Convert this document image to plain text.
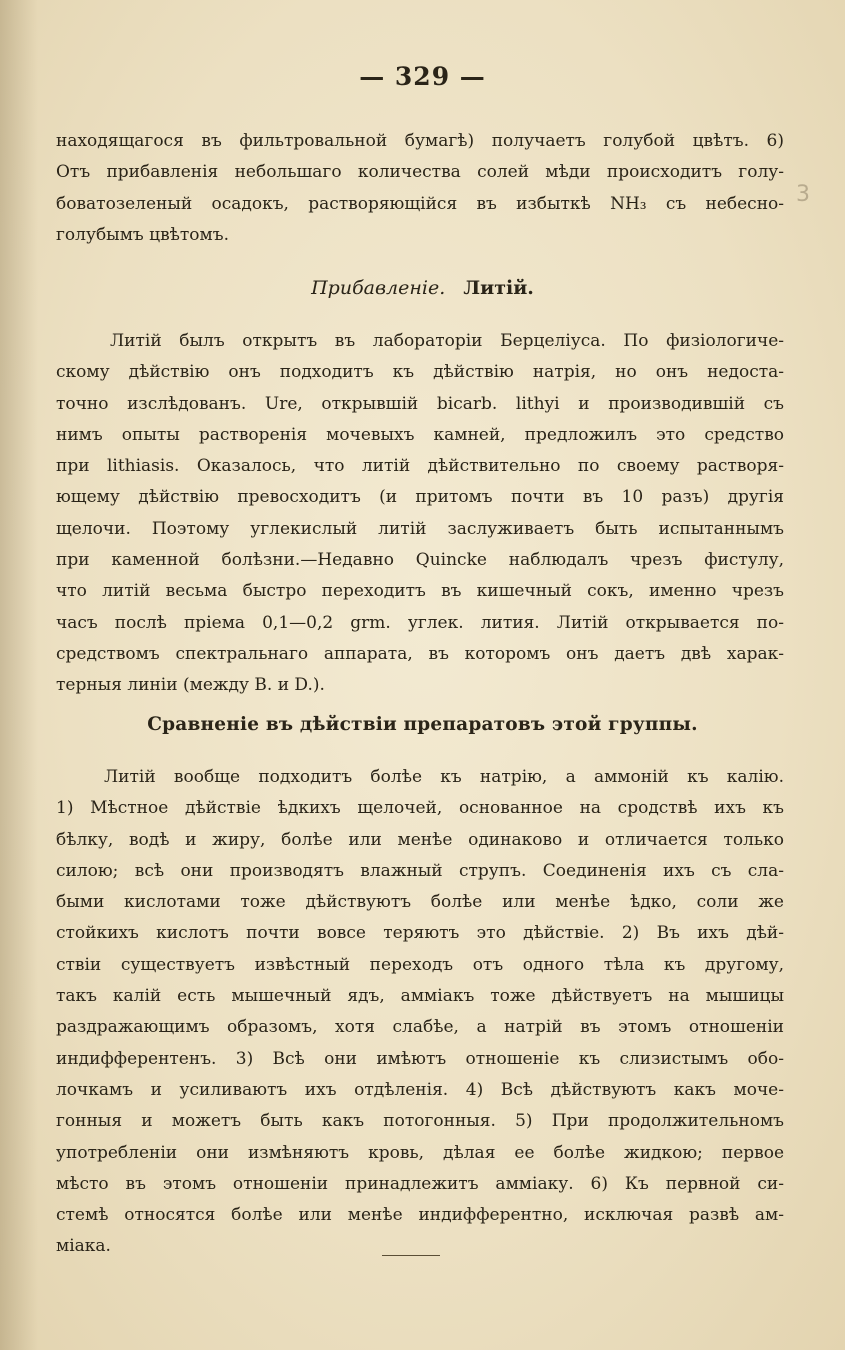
— 329 —
находящагося въ фильтровальной бумагѣ) получаетъ голубой цвѣтъ. 6)
Отъ прибавленія небольшаго количества солей мѣди происходитъ голу-
боватозеленый осадокъ, растворяющійся въ избыткѣ NH₃ съ небесно-
голубымъ цвѣтомъ.
3
Прибавленіе. Литій.
Литій былъ открытъ въ лабораторіи Берцеліуса. По физіологиче-
скому дѣйствію онъ подходитъ къ дѣйствію натрія, но онъ недоста-
точно изслѣдованъ. Ure, открывшій bicarb. lithyi и производившій съ
нимъ опыты растворенія мочевыхъ камней, предложилъ это средство
при lithiasis. Оказалось, что литій дѣйствительно по своему растворя-
ющему дѣйствію превосходитъ (и притомъ почти въ 10 разъ) другія
щелочи. Поэтому углекислый литій заслуживаетъ быть испытаннымъ
при каменной болѣзни.—Недавно Quincke наблюдалъ чрезъ фистулу,
что литій весьма быстро переходитъ въ кишечный сокъ, именно чрезъ
часъ послѣ пріема 0,1—0,2 grm. углек. лития. Литій открывается по-
средствомъ спектральнаго аппарата, въ которомъ онъ даетъ двѣ харак-
терныя линіи (между B. и D.).
Сравненіе въ дѣйствіи препаратовъ этой группы.
Литій вообще подходитъ болѣе къ натрію, а аммоній къ калію.
1) Мѣстное дѣйствіе ѣдкихъ щелочей, основанное на сродствѣ ихъ къ
бѣлку, водѣ и жиру, болѣе или менѣе одинаково и отличается только
силою; всѣ они производятъ влажный струпъ. Соединенія ихъ съ сла-
быми кислотами тоже дѣйствуютъ болѣе или менѣе ѣдко, соли же
стойкихъ кислотъ почти вовсе теряютъ это дѣйствіе. 2) Въ ихъ дѣй-
ствіи существуетъ извѣстный переходъ отъ одного тѣла къ другому,
такъ калій есть мышечный ядъ, амміакъ тоже дѣйствуетъ на мышицы
раздражающимъ образомъ, хотя слабѣе, а натрій въ этомъ отношеніи
индифферентенъ. 3) Всѣ они имѣютъ отношеніе къ слизистымъ обо-
лочкамъ и усиливаютъ ихъ отдѣленія. 4) Всѣ дѣйствуютъ какъ моче-
гонныя и можетъ быть какъ потогонныя. 5) При продолжительномъ
употребленіи они измѣняютъ кровь, дѣлая ее болѣе жидкою; первое
мѣсто въ этомъ отношеніи принадлежитъ амміаку. 6) Къ первной си-
стемѣ относятся болѣе или менѣе индифферентно, исключая развѣ ам-
міака.
